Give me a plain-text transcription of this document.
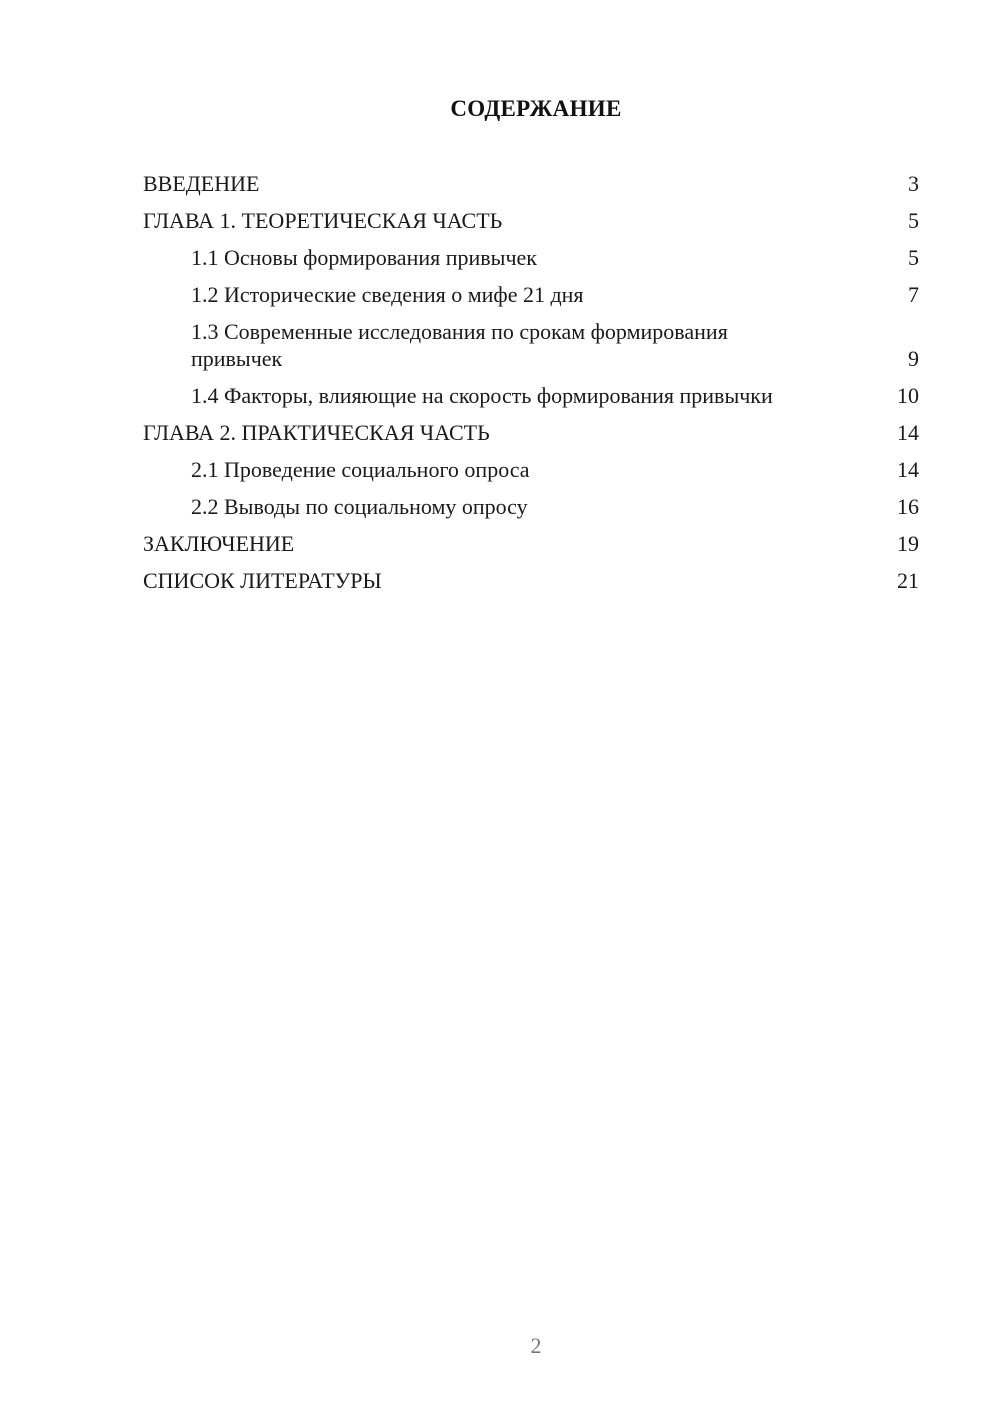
СОДЕРЖАНИЕ
ВВЕДЕНИЕ	3
ГЛАВА 1. ТЕОРЕТИЧЕСКАЯ ЧАСТЬ	5
1.1 Основы формирования привычек	5
1.2 Исторические сведения о мифе 21 дня	7
1.3 Современные исследования по срокам формирования привычек	9
1.4 Факторы, влияющие на скорость формирования привычки	10
ГЛАВА 2. ПРАКТИЧЕСКАЯ ЧАСТЬ	14
2.1 Проведение социального опроса	14
2.2 Выводы по социальному опросу	16
ЗАКЛЮЧЕНИЕ	19
СПИСОК ЛИТЕРАТУРЫ	21
2
